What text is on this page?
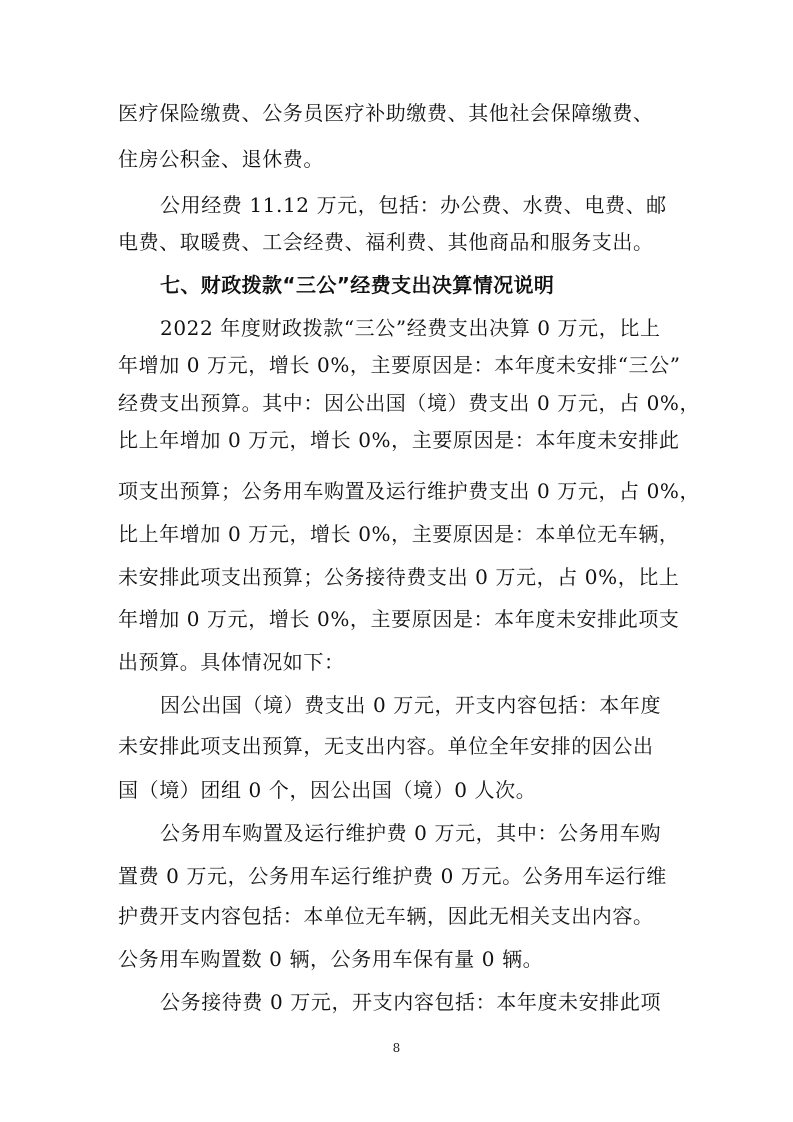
医疗保险缴费、公务员医疗补助缴费、其他社会保障缴费、
住房公积金、退休费。
公用经费 11.12 万元，包括：办公费、水费、电费、邮
电费、取暖费、工会经费、福利费、其他商品和服务支出。
七、财政拨款“三公”经费支出决算情况说明
2022 年度财政拨款“三公”经费支出决算 0 万元，比上
年增加 0 万元，增长 0%，主要原因是：本年度未安排“三公”
经费支出预算。其中：因公出国（境）费支出 0 万元，占 0%，
比上年增加 0 万元，增长 0%，主要原因是：本年度未安排此
项支出预算；公务用车购置及运行维护费支出 0 万元，占 0%，
比上年增加 0 万元，增长 0%，主要原因是：本单位无车辆，
未安排此项支出预算；公务接待费支出 0 万元，占 0%，比上
年增加 0 万元，增长 0%，主要原因是：本年度未安排此项支
出预算。具体情况如下：
因公出国（境）费支出 0 万元，开支内容包括：本年度
未安排此项支出预算，无支出内容。单位全年安排的因公出
国（境）团组 0 个，因公出国（境）0 人次。
公务用车购置及运行维护费 0 万元，其中：公务用车购
置费 0 万元，公务用车运行维护费 0 万元。公务用车运行维
护费开支内容包括：本单位无车辆，因此无相关支出内容。
公务用车购置数 0 辆，公务用车保有量 0 辆。
公务接待费 0 万元，开支内容包括：本年度未安排此项
8
